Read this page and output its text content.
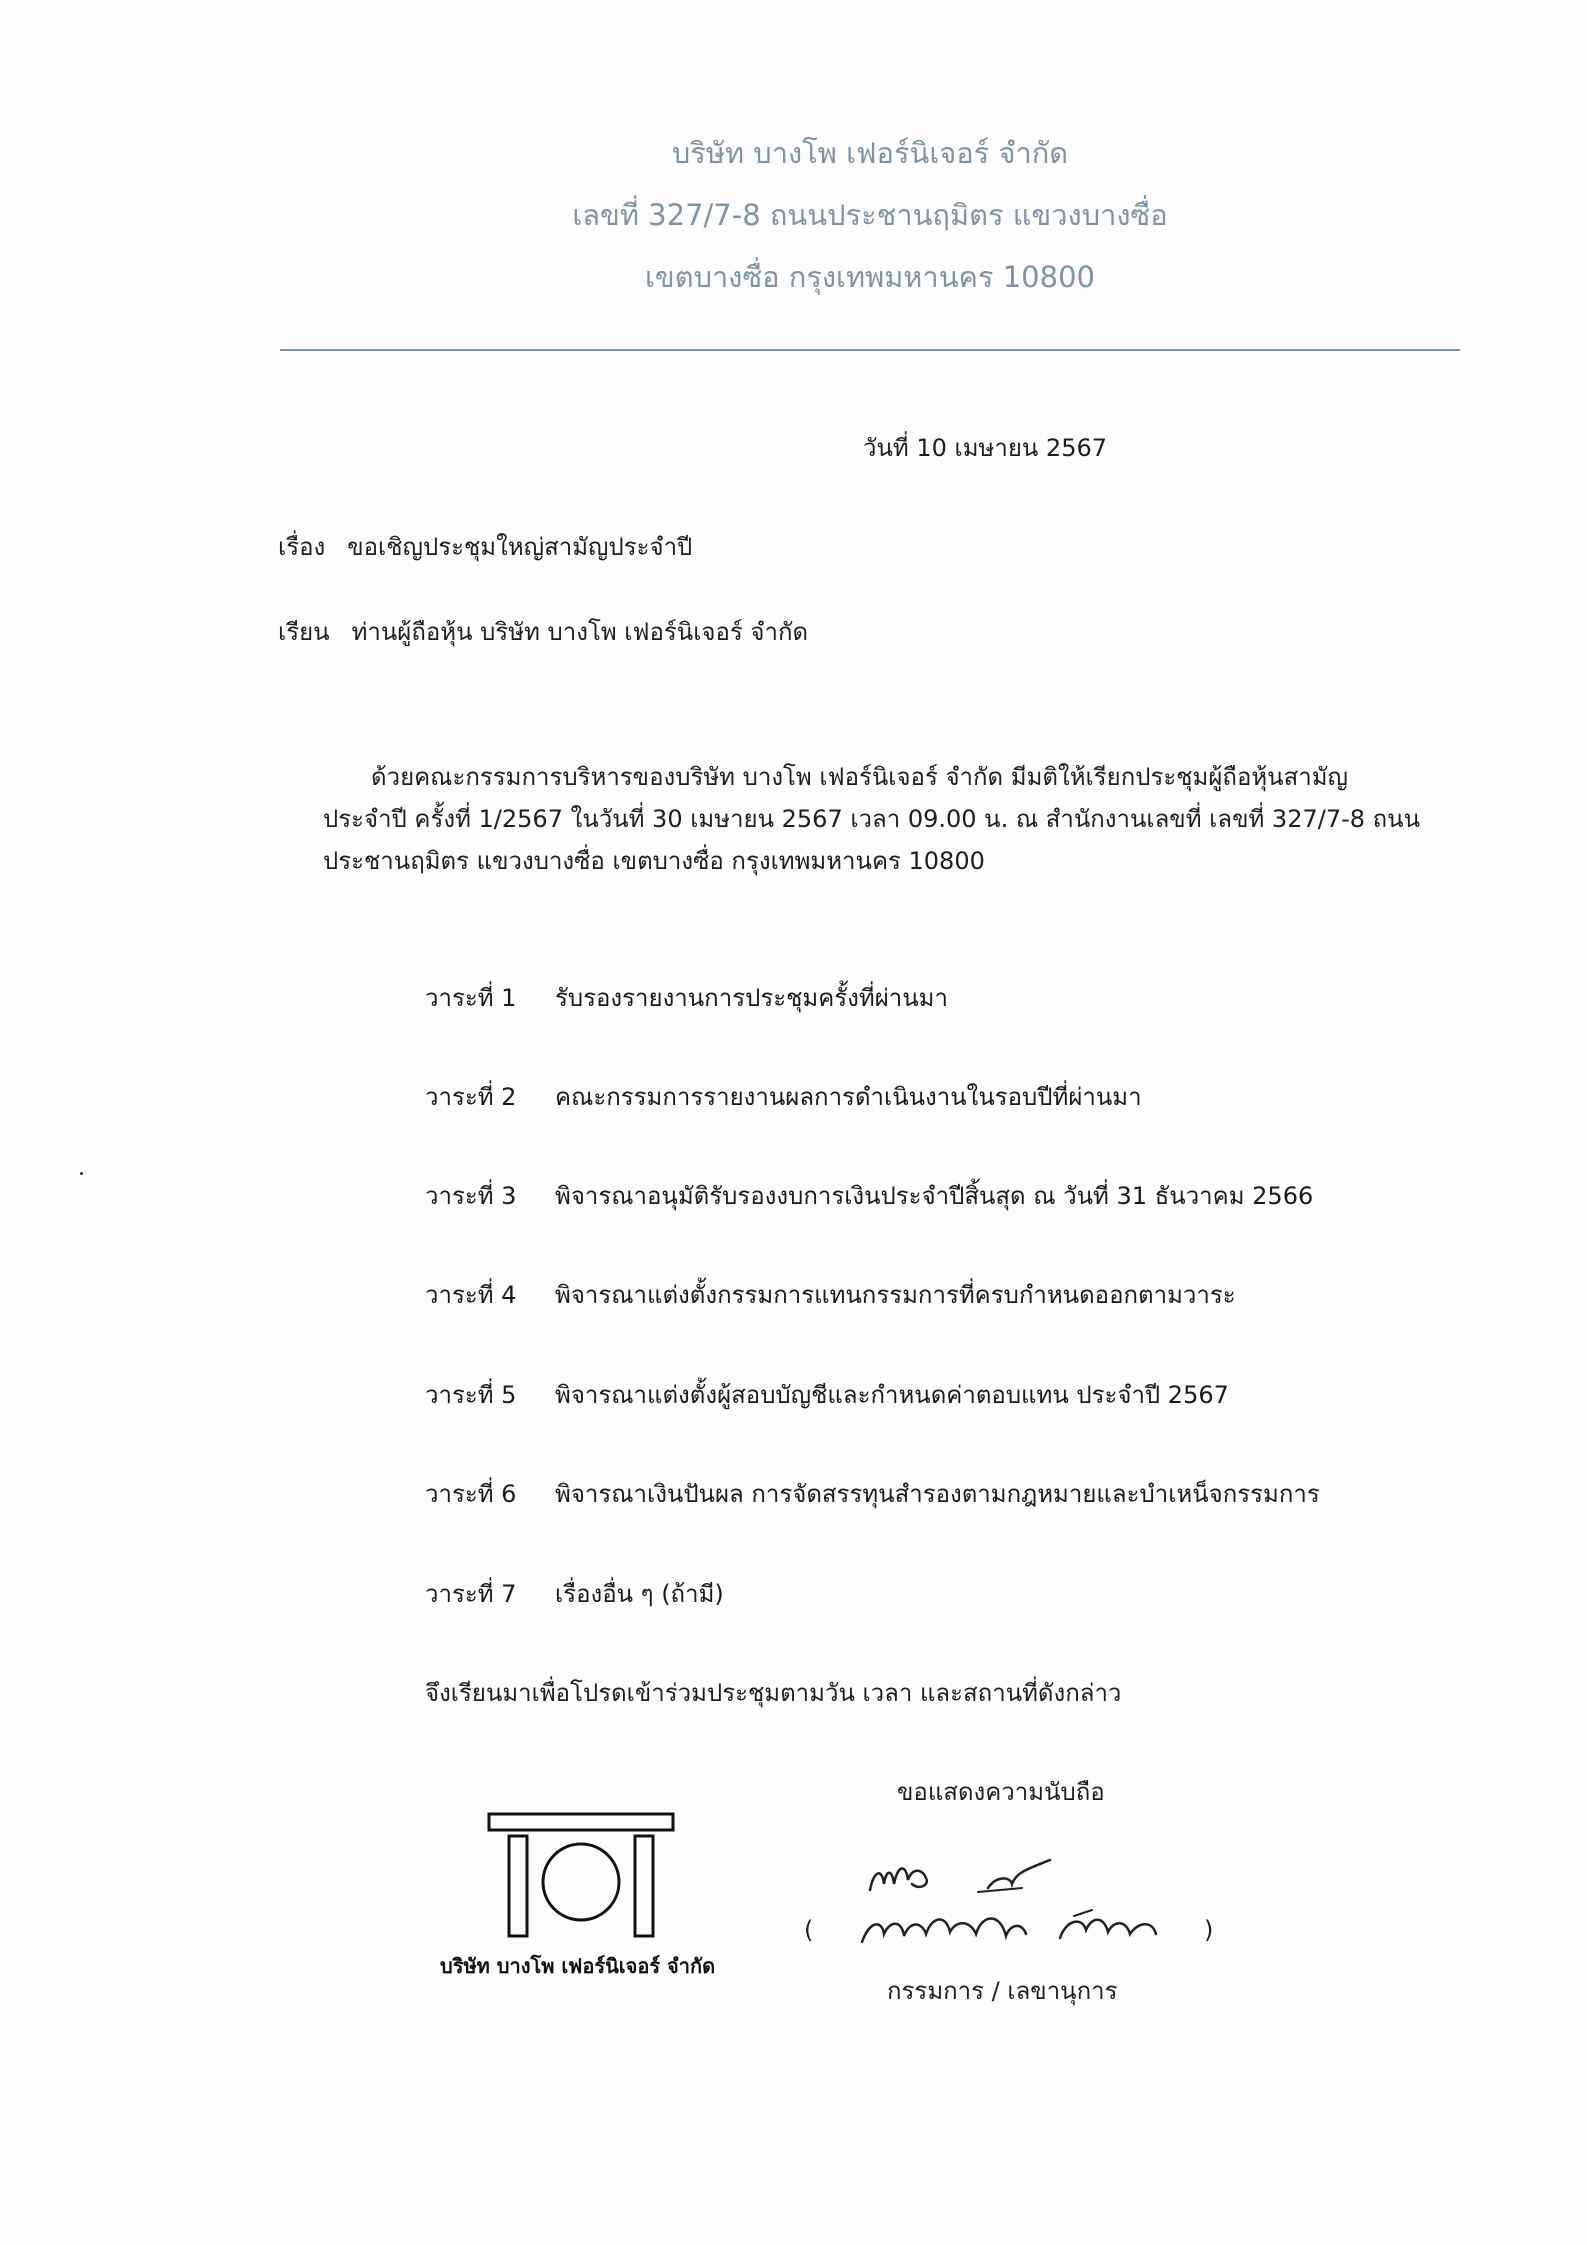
บริษัท บางโพ เฟอร์นิเจอร์ จำกัด
เลขที่ 327/7-8 ถนนประชานฤมิตร แขวงบางซื่อ
เขตบางซื่อ กรุงเทพมหานคร 10800
วันที่ 10 เมษายน 2567
เรื่อง ขอเชิญประชุมใหญ่สามัญประจำปี
เรียน ท่านผู้ถือหุ้น บริษัท บางโพ เฟอร์นิเจอร์ จำกัด

ด้วยคณะกรรมการบริหารของบริษัท บางโพ เฟอร์นิเจอร์ จำกัด มีมติให้เรียกประชุมผู้ถือหุ้นสามัญ

ประจำปี ครั้งที่ 1/2567 ในวันที่ 30 เมษายน 2567 เวลา 09.00 น. ณ สำนักงานเลขที่ เลขที่ 327/7-8 ถนน

ประชานฤมิตร แขวงบางซื่อ เขตบางซื่อ กรุงเทพมหานคร 10800

วาระที่ 1 รับรองรายงานการประชุมครั้งที่ผ่านมา
วาระที่ 2 คณะกรรมการรายงานผลการดำเนินงานในรอบปีที่ผ่านมา
วาระที่ 3 พิจารณาอนุมัติรับรองงบการเงินประจำปีสิ้นสุด ณ วันที่ 31 ธันวาคม 2566
วาระที่ 4 พิจารณาแต่งตั้งกรรมการแทนกรรมการที่ครบกำหนดออกตามวาระ
วาระที่ 5 พิจารณาแต่งตั้งผู้สอบบัญชีและกำหนดค่าตอบแทน ประจำปี 2567
วาระที่ 6 พิจารณาเงินปันผล การจัดสรรทุนสำรองตามกฎหมายและบำเหน็จกรรมการ
วาระที่ 7 เรื่องอื่น ๆ (ถ้ามี)
จึงเรียนมาเพื่อโปรดเข้าร่วมประชุมตามวัน เวลา และสถานที่ดังกล่าว
ขอแสดงความนับถือ
บริษัท บางโพ เฟอร์นิเจอร์ จำกัด
(	)
กรรมการ / เลขานุการ
